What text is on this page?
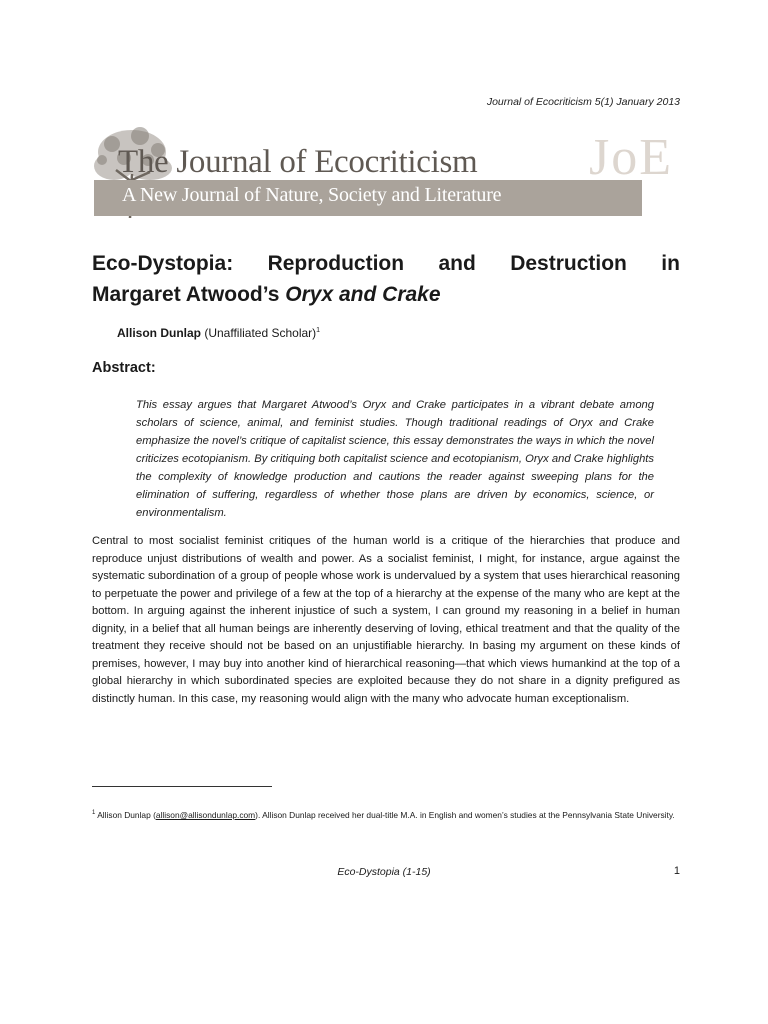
Journal of Ecocriticism 5(1) January 2013
The Journal of Ecocriticism
A New Journal of Nature, Society and Literature
JoE
Eco-Dystopia: Reproduction and Destruction in
Margaret Atwood’s Oryx and Crake
Allison Dunlap (Unaffiliated Scholar)$^1$
Abstract:

This essay argues that Margaret Atwood’s Oryx and Crake participates in a vibrant debate among scholars of science, animal, and feminist studies. Though traditional readings of Oryx and Crake emphasize the novel’s critique of capitalist science, this essay demonstrates the ways in which the novel criticizes ecotopianism. By critiquing both capitalist science and ecotopianism, Oryx and Crake highlights the complexity of knowledge production and cautions the reader against sweeping plans for the elimination of suffering, regardless of whether those plans are driven by economics, science, or environmentalism.

Central to most socialist feminist critiques of the human world is a critique of the hierarchies that produce and reproduce unjust distributions of wealth and power. As a socialist feminist, I might, for instance, argue against the systematic subordination of a group of people whose work is undervalued by a system that uses hierarchical reasoning to perpetuate the power and privilege of a few at the top of a hierarchy at the expense of the many who are kept at the bottom. In arguing against the inherent injustice of such a system, I can ground my reasoning in a belief in human dignity, in a belief that all human beings are inherently deserving of loving, ethical treatment and that the quality of the treatment they receive should not be based on an unjustifiable hierarchy. In basing my argument on these kinds of premises, however, I may buy into another kind of hierarchical reasoning—that which views humankind at the top of a global hierarchy in which subordinated species are exploited because they do not share in a dignity prefigured as distinctly human. In this case, my reasoning would align with the many who advocate human exceptionalism.

$^1$ Allison Dunlap (allison@allisondunlap.com). Allison Dunlap received her dual-title M.A. in English and women’s studies at the Pennsylvania State University.

Eco-Dystopia (1-15)	1
